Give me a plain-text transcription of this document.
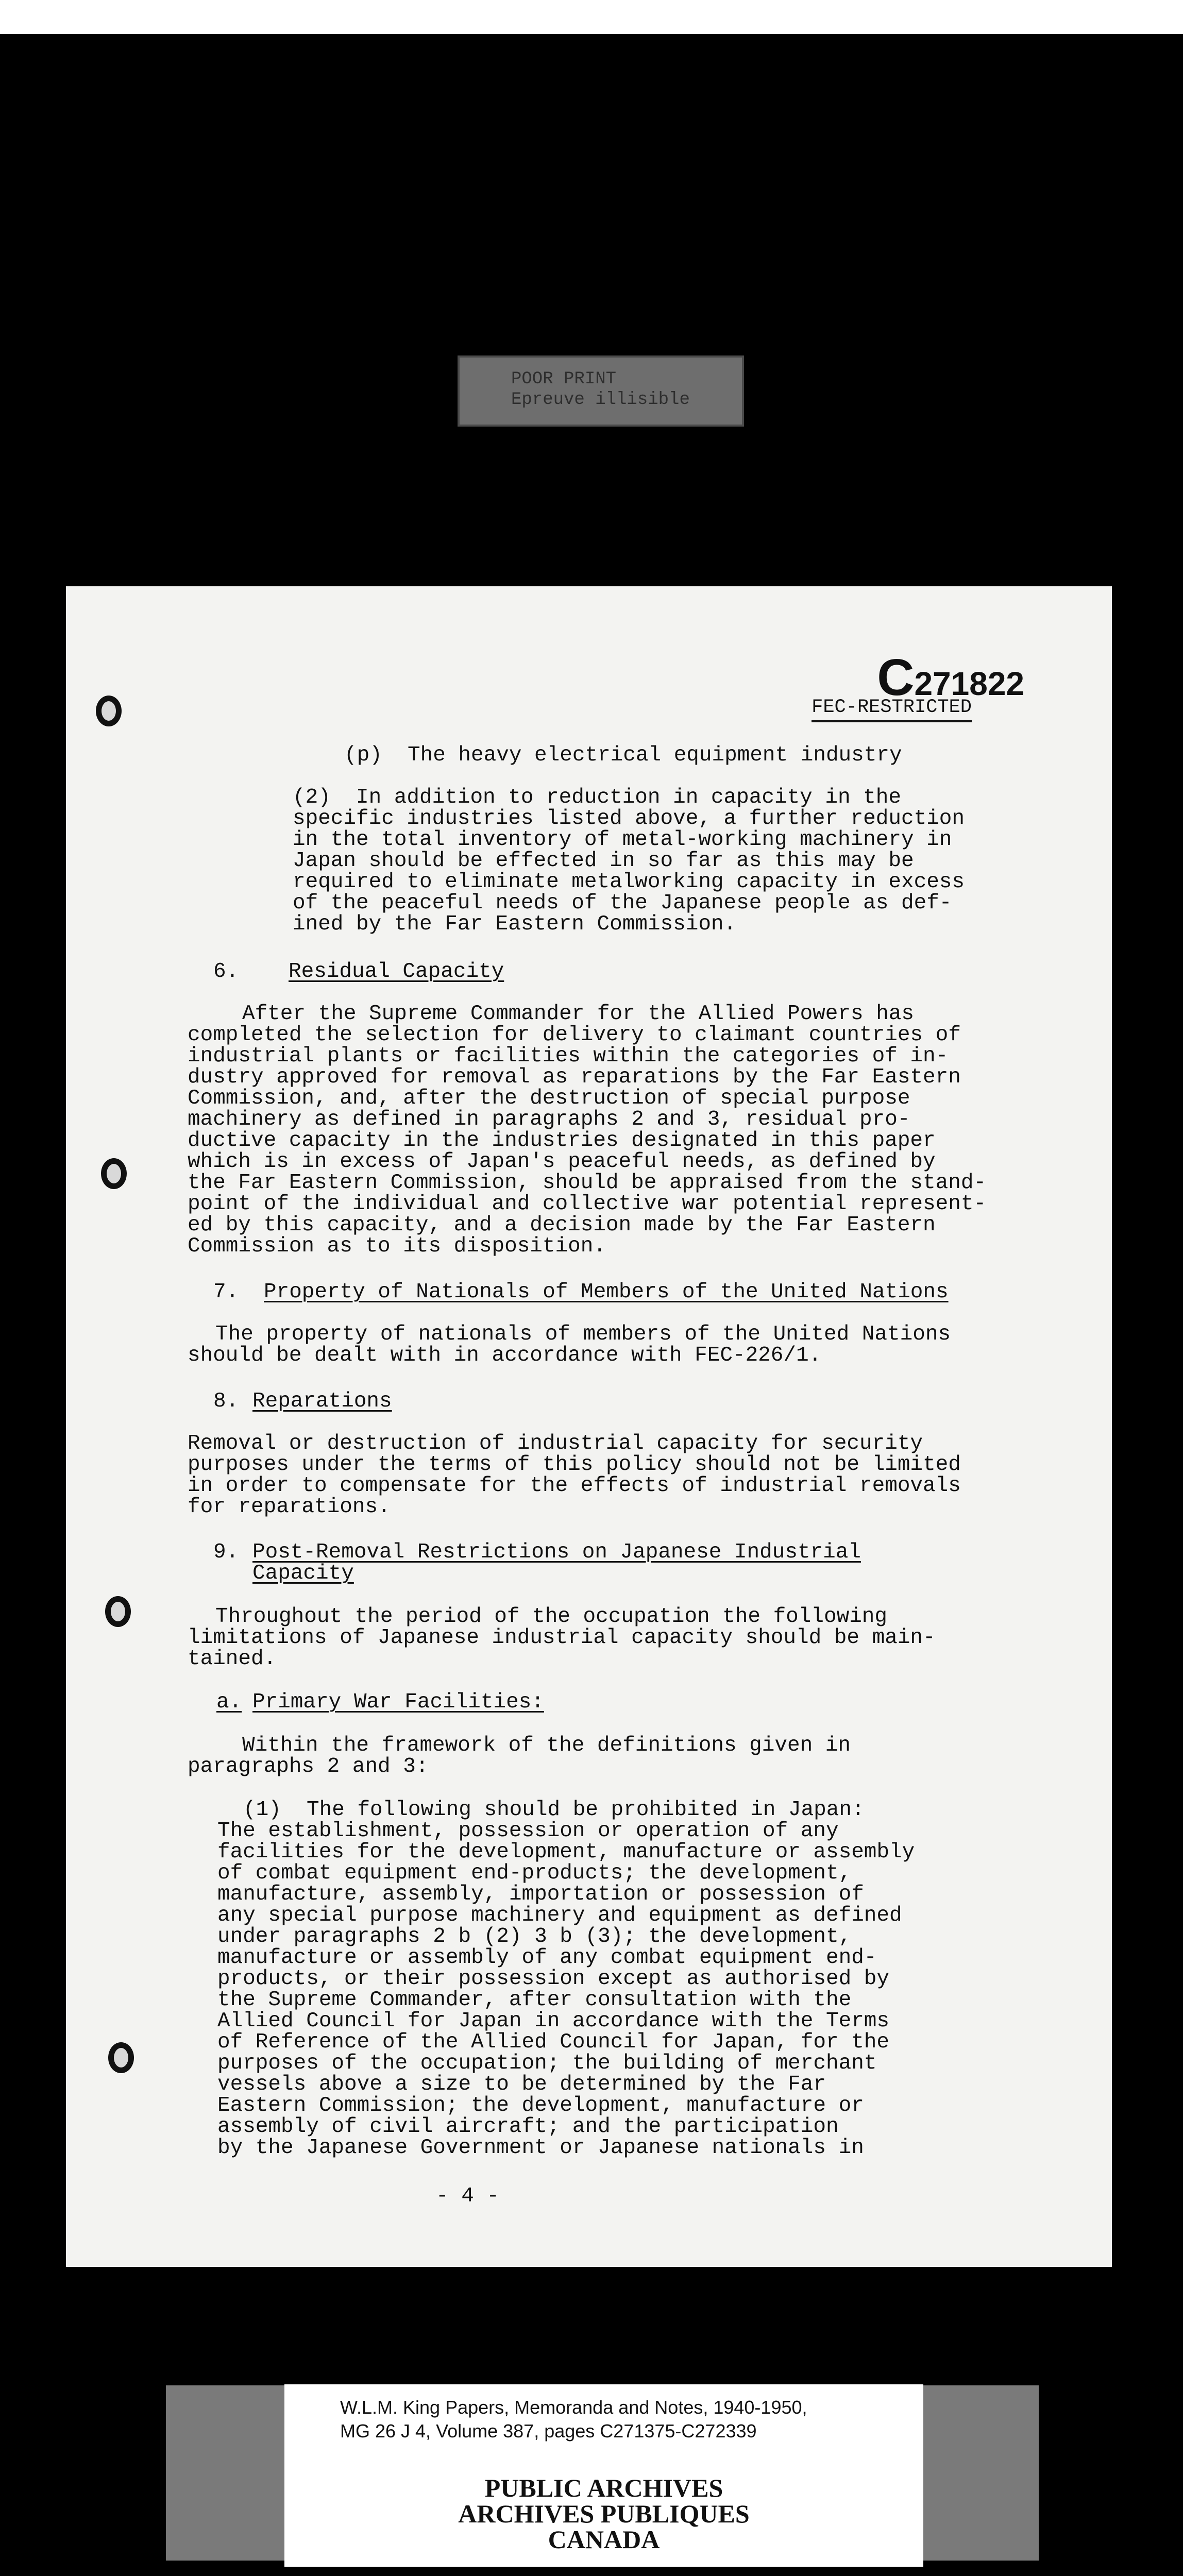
POOR PRINT
Epreuve illisible
C271822
FEC-RESTRICTED
(p)  The heavy electrical equipment industry
(2)  In addition to reduction in capacity in the
specific industries listed above, a further reduction
in the total inventory of metal-working machinery in
Japan should be effected in so far as this may be
required to eliminate metalworking capacity in excess
of the peaceful needs of the Japanese people as def-
ined by the Far Eastern Commission.
6. Residual Capacity
After the Supreme Commander for the Allied Powers has
completed the selection for delivery to claimant countries of
industrial plants or facilities within the categories of in-
dustry approved for removal as reparations by the Far Eastern
Commission, and, after the destruction of special purpose
machinery as defined in paragraphs 2 and 3, residual pro-
ductive capacity in the industries designated in this paper
which is in excess of Japan's peaceful needs, as defined by
the Far Eastern Commission, should be appraised from the stand-
point of the individual and collective war potential represent-
ed by this capacity, and a decision made by the Far Eastern
Commission as to its disposition.
7. Property of Nationals of Members of the United Nations
The property of nationals of members of the United Nations
should be dealt with in accordance with FEC-226/1.
8. Reparations
Removal or destruction of industrial capacity for security
purposes under the terms of this policy should not be limited
in order to compensate for the effects of industrial removals
for reparations.
9. Post-Removal Restrictions on Japanese Industrial
Capacity
Throughout the period of the occupation the following
limitations of Japanese industrial capacity should be main-
tained.
a. Primary War Facilities:
Within the framework of the definitions given in
paragraphs 2 and 3:
(1)  The following should be prohibited in Japan:
The establishment, possession or operation of any
facilities for the development, manufacture or assembly
of combat equipment end-products; the development,
manufacture, assembly, importation or possession of
any special purpose machinery and equipment as defined
under paragraphs 2 b (2) 3 b (3); the development,
manufacture or assembly of any combat equipment end-
products, or their possession except as authorised by
the Supreme Commander, after consultation with the
Allied Council for Japan in accordance with the Terms
of Reference of the Allied Council for Japan, for the
purposes of the occupation; the building of merchant
vessels above a size to be determined by the Far
Eastern Commission; the development, manufacture or
assembly of civil aircraft; and the participation
by the Japanese Government or Japanese nationals in
- 4 -
W.L.M. King Papers, Memoranda and Notes, 1940-1950,
MG 26 J 4, Volume 387, pages C271375-C272339
PUBLIC ARCHIVES
ARCHIVES PUBLIQUES
CANADA
